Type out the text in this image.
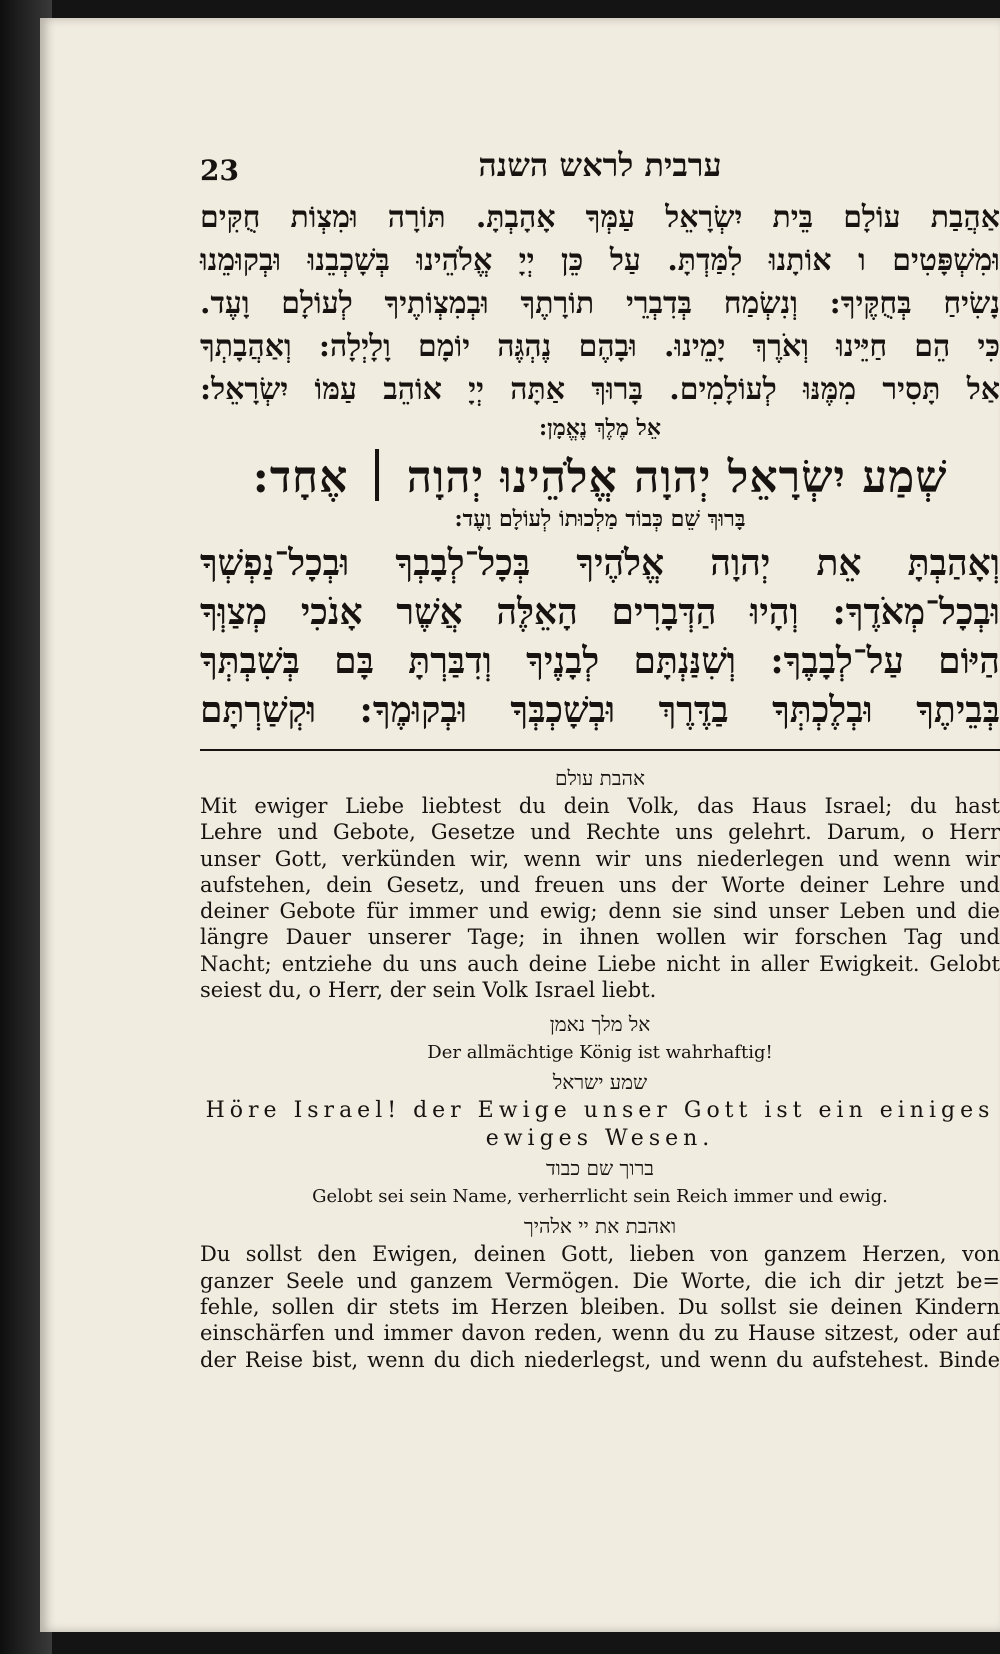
23	ערבית לראש השנה
אַהֲבַת עוֹלָם בֵּית יִשְׂרָאֵל עַמְּךָ אָהָבְתָּ. תּוֹרָה וּמִצְוֹת חֻקִּים
וּמִשְׁפָּטִים ו אוֹתָנוּ לִמַּדְתָּ. עַל כֵּן יְיָ אֱלֹהֵינוּ בְּשָׁכְבֵנוּ וּבְקוּמֵנוּ
נָשִׂיחַ בְּחֻקֶּיךָ: וְנִשְׂמַח בְּדִבְרֵי תוֹרָתֶךָ וּבְמִצְוֹתֶיךָ לְעוֹלָם וָעֶד.
כִּי הֵם חַיֵּינוּ וְאֹרֶךְ יָמֵינוּ. וּבָהֶם נֶהְגֶּה יוֹמָם וָלָיְלָה: וְאַהֲבָתְךָ
אַל תָּסִיר מִמֶּנּוּ לְעוֹלָמִים. בָּרוּךְ אַתָּה יְיָ אוֹהֵב עַמּוֹ יִשְׂרָאֵל:
אֵל מֶלֶךְ נֶאֱמָן:
שְׁמַע יִשְׂרָאֵל יְהוָה אֱלֹהֵינוּ יְהוָה ׀ אֶחָד:
בָּרוּךְ שֵׁם כְּבוֹד מַלְכוּתוֹ לְעוֹלָם וָעֶד:
וְאָהַבְתָּ אֵת יְהוָה אֱלֹהֶיךָ בְּכָל־לְבָבְךָ וּבְכָל־נַפְשְׁךָ
וּבְכָל־מְאֹדֶךָ: וְהָיוּ הַדְּבָרִים הָאֵלֶּה אֲשֶׁר אָנֹכִי מְצַוְּךָ
הַיּוֹם עַל־לְבָבֶךָ: וְשִׁנַּנְתָּם לְבָנֶיךָ וְדִבַּרְתָּ בָּם בְּשִׁבְתְּךָ
בְּבֵיתֶךָ וּבְלֶכְתְּךָ בַדֶּרֶךְ וּבְשָׁכְבְּךָ וּבְקוּמֶךָ: וּקְשַׁרְתָּם
אהבת עולם
Mit ewiger Liebe liebtest du dein Volk, das Haus Israel; du hast
Lehre und Gebote, Gesetze und Rechte uns gelehrt. Darum, o Herr
unser Gott, verkünden wir, wenn wir uns niederlegen und wenn wir
aufstehen, dein Gesetz, und freuen uns der Worte deiner Lehre und
deiner Gebote für immer und ewig; denn sie sind unser Leben und die
längre Dauer unserer Tage; in ihnen wollen wir forschen Tag und
Nacht; entziehe du uns auch deine Liebe nicht in aller Ewigkeit. Gelobt
seiest du, o Herr, der sein Volk Israel liebt.
אל מלך נאמן
Der allmächtige König ist wahrhaftig!
שמע ישראל
Höre Israel! der Ewige unser Gott ist ein einiges
ewiges Wesen.
ברוך שם כבוד
Gelobt sei sein Name, verherrlicht sein Reich immer und ewig.
ואהבת את יי אלהיך
Du sollst den Ewigen, deinen Gott, lieben von ganzem Herzen, von
ganzer Seele und ganzem Vermögen. Die Worte, die ich dir jetzt be=
fehle, sollen dir stets im Herzen bleiben. Du sollst sie deinen Kindern
einschärfen und immer davon reden, wenn du zu Hause sitzest, oder auf
der Reise bist, wenn du dich niederlegst, und wenn du aufstehest. Binde
